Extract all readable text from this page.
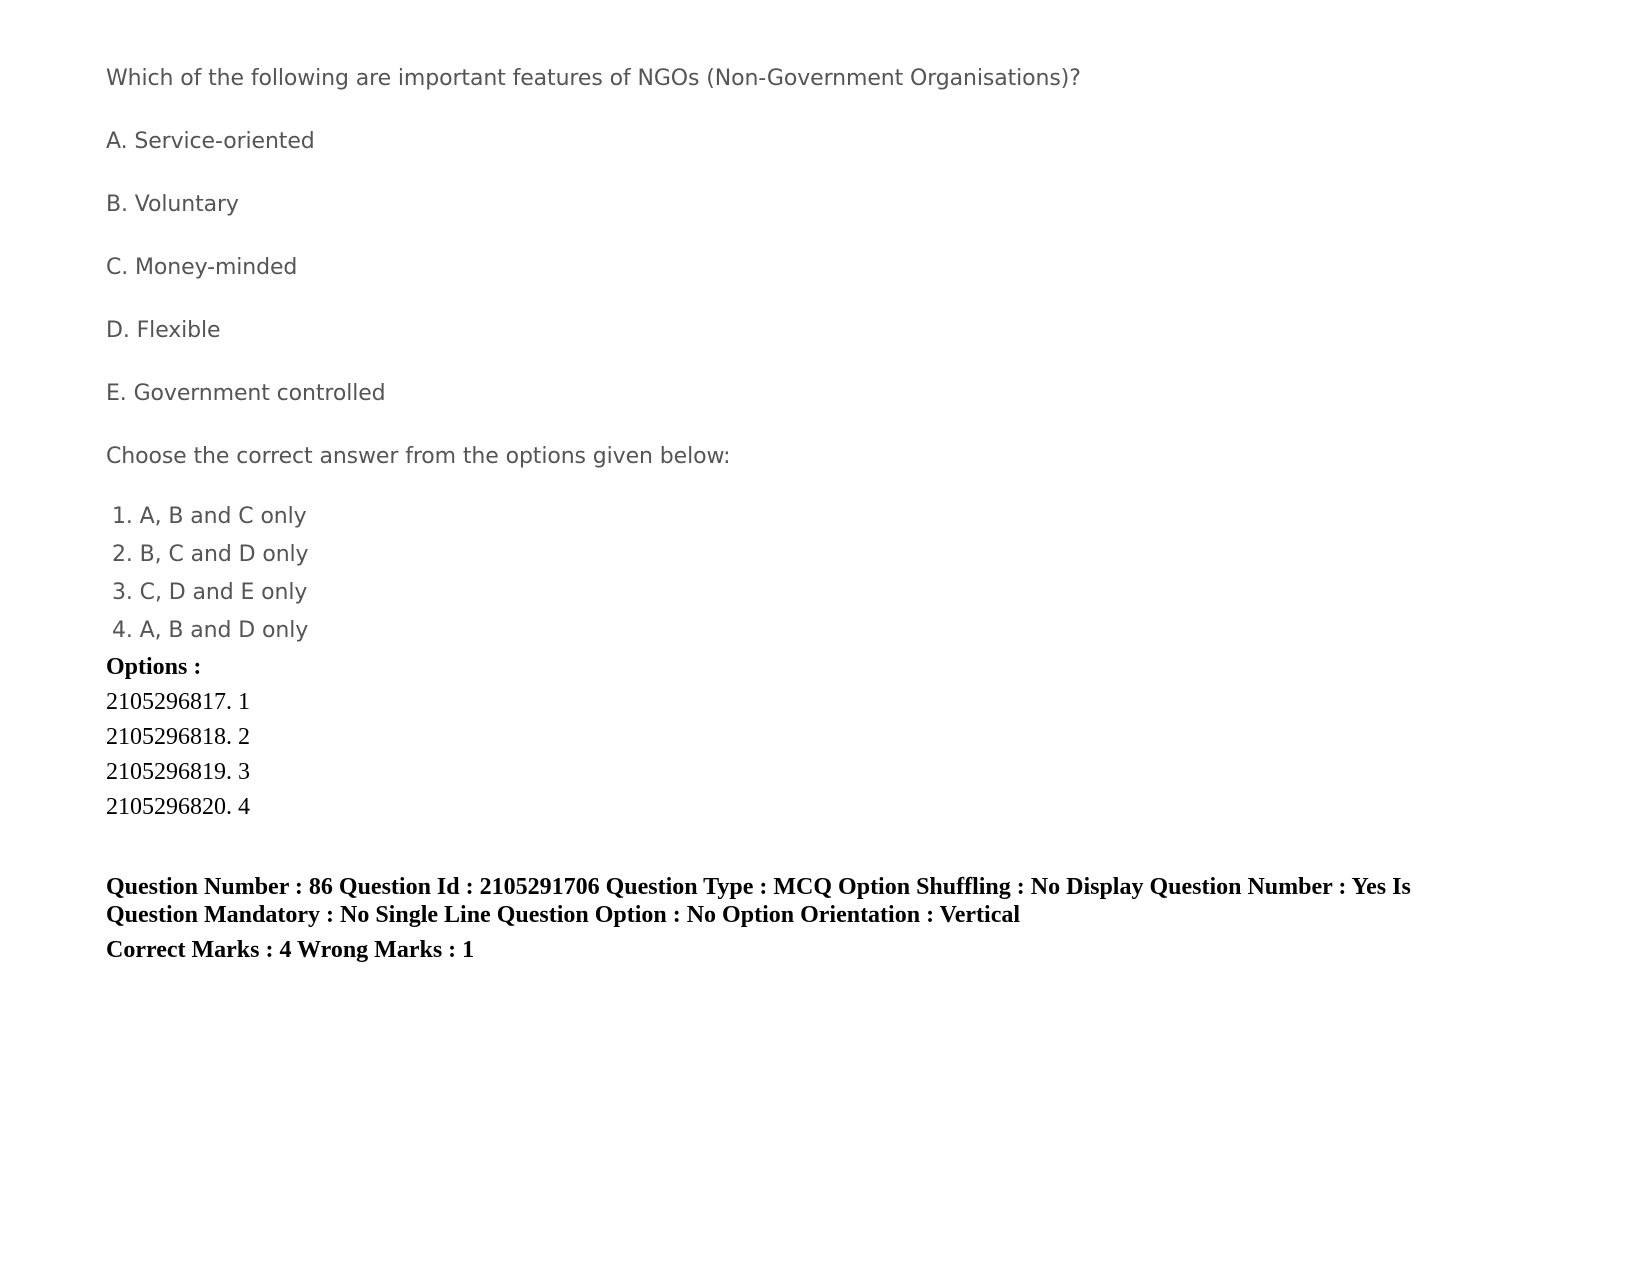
Which of the following are important features of NGOs (Non-Government Organisations)?

A. Service-oriented

B. Voluntary

C. Money-minded

D. Flexible

E. Government controlled

Choose the correct answer from the options given below:

1. A, B and C only
2. B, C and D only
3. C, D and E only
4. A, B and D only
Options :
2105296817. 1
2105296818. 2
2105296819. 3
2105296820. 4
Question Number : 86 Question Id : 2105291706 Question Type : MCQ Option Shuffling : No Display Question Number : Yes Is
Question Mandatory : No Single Line Question Option : No Option Orientation : Vertical
Correct Marks : 4 Wrong Marks : 1
